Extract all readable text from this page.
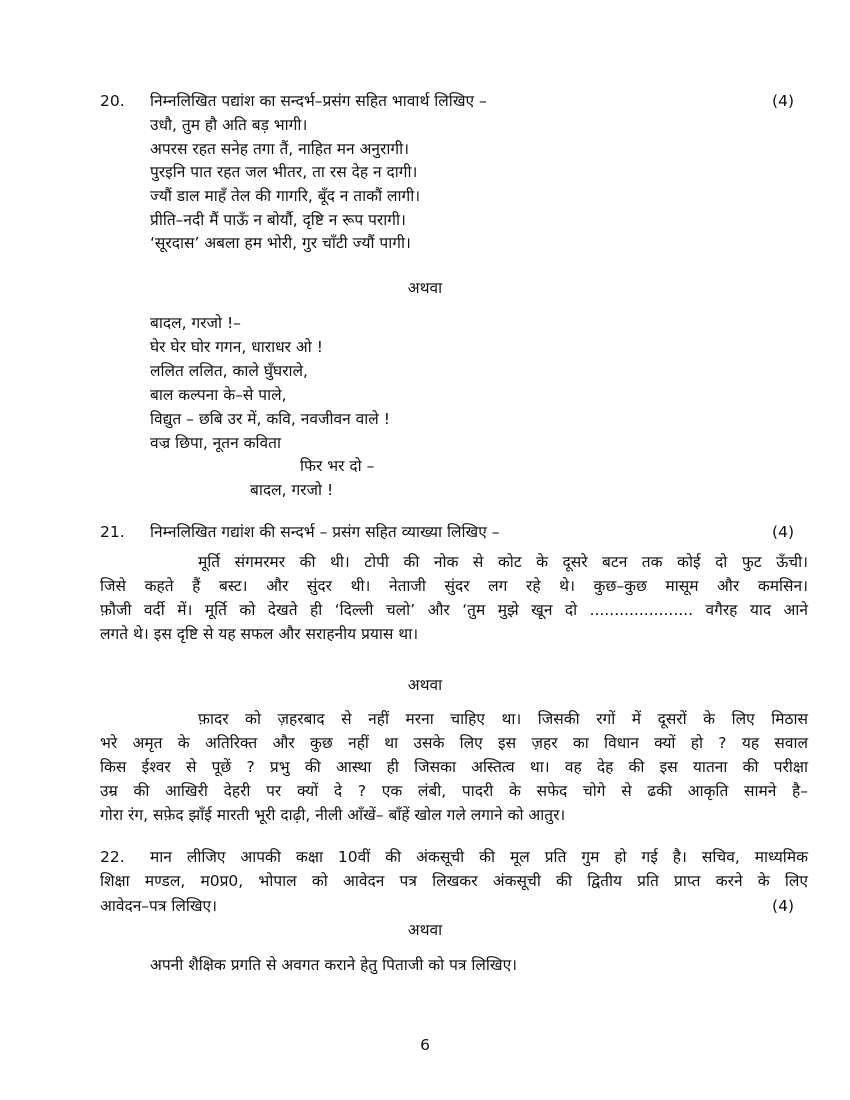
20. निम्नलिखित पद्यांश का सन्दर्भ–प्रसंग सहित भावार्थ लिखिए –	(4)
उधौ, तुम हौ अति बड़ भागी।
अपरस रहत सनेह तगा तैं, नाहित मन अनुरागी।
पुरइनि पात रहत जल भीतर, ता रस देह न दागी।
ज्यौं डाल माहँ तेल की गागरि, बूँद न ताकौं लागी।
प्रीति–नदी मैं पाऊँ न बोर्यौ, दृष्टि न रूप परागी।
‘सूरदास’ अबला हम भोरी, गुर चाँटी ज्यौं पागी।
अथवा
बादल, गरजो !–
घेर घेर घोर गगन, धाराधर ओ !
ललित ललित, काले घुँघराले,
बाल कल्पना के–से पाले,
विद्युत – छबि उर में, कवि, नवजीवन वाले !
वज्र छिपा, नूतन कविता
फिर भर दो –
बादल, गरजो !
21. निम्नलिखित गद्यांश की सन्दर्भ – प्रसंग सहित व्याख्या लिखिए –	(4)
मूर्ति संगमरमर की थी। टोपी की नोक से कोट के दूसरे बटन तक कोई दो फुट ऊँची।
जिसे कहते हैं बस्ट। और सुंदर थी। नेताजी सुंदर लग रहे थे। कुछ–कुछ मासूम और कमसिन।
फ़ौजी वर्दी में। मूर्ति को देखते ही ‘दिल्ली चलो’ और ‘तुम मुझे खून दो ..................... वगैरह याद आने
लगते थे। इस दृष्टि से यह सफल और सराहनीय प्रयास था।
अथवा
फ़ादर को ज़हरबाद से नहीं मरना चाहिए था। जिसकी रगों में दूसरों के लिए मिठास
भरे अमृत के अतिरिक्त और कुछ नहीं था उसके लिए इस ज़हर का विधान क्यों हो ? यह सवाल
किस ईश्वर से पूछें ? प्रभु की आस्था ही जिसका अस्तित्व था। वह देह की इस यातना की परीक्षा
उम्र की आखिरी देहरी पर क्यों दे ? एक लंबी, पादरी के सफेद चोगे से ढकी आकृति सामने है–
गोरा रंग, सफ़ेद झाँई मारती भूरी दाढ़ी, नीली आँखें– बाँहें खोल गले लगाने को आतुर।
22. मान लीजिए आपकी कक्षा 10वीं की अंकसूची की मूल प्रति गुम हो गई है। सचिव, माध्यमिक
शिक्षा मण्डल, म0प्र0, भोपाल को आवेदन पत्र लिखकर अंकसूची की द्वितीय प्रति प्राप्त करने के लिए
आवेदन–पत्र लिखिए।	(4)
अथवा
अपनी शैक्षिक प्रगति से अवगत कराने हेतु पिताजी को पत्र लिखिए।
6
